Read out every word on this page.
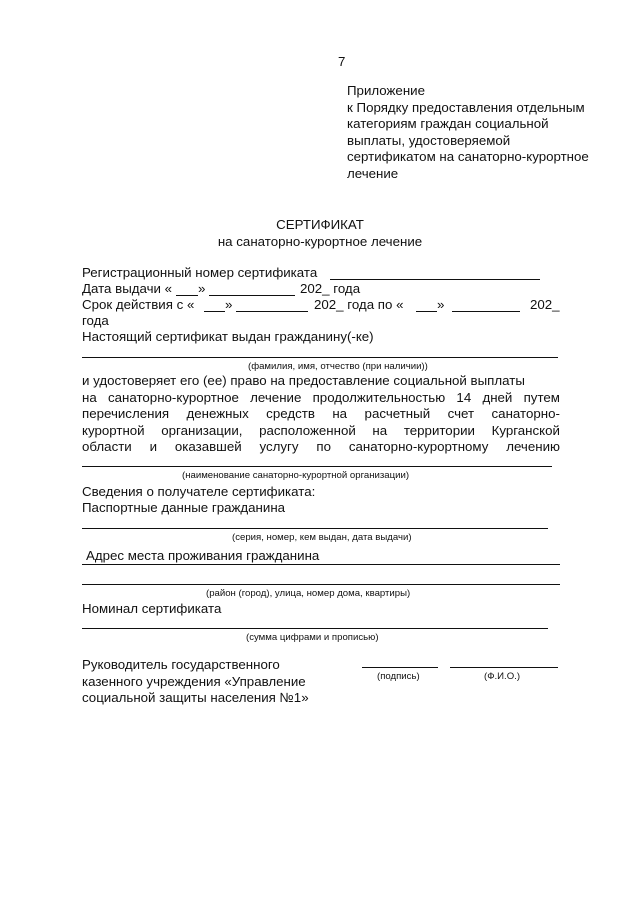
7
Приложение
к Порядку предоставления отдельным
категориям граждан социальной
выплаты, удостоверяемой
сертификатом на санаторно-курортное
лечение
СЕРТИФИКАТ
на санаторно-курортное лечение
Регистрационный номер сертификата
Дата выдачи « »	202_ года
Срок действия с « »	202_ года по «	»	202_
года
Настоящий сертификат выдан гражданину(-ке)
(фамилия, имя, отчество (при наличии))
и удостоверяет его (ее) право на предоставление социальной выплаты
на санаторно-курортное лечение продолжительностью 14 дней путем
перечисления денежных средств на расчетный счет санаторно-
курортной организации, расположенной на территории Курганской
области и оказавшей услугу по санаторно-курортному лечению
(наименование санаторно-курортной организации)
Сведения о получателе сертификата:
Паспортные данные гражданина
(серия, номер, кем выдан, дата выдачи)
Адрес места проживания гражданина
(район (город), улица, номер дома, квартиры)
Номинал сертификата
(сумма цифрами и прописью)
Руководитель государственного
казенного учреждения «Управление
социальной защиты населения №1»
(подпись)	(Ф.И.О.)
